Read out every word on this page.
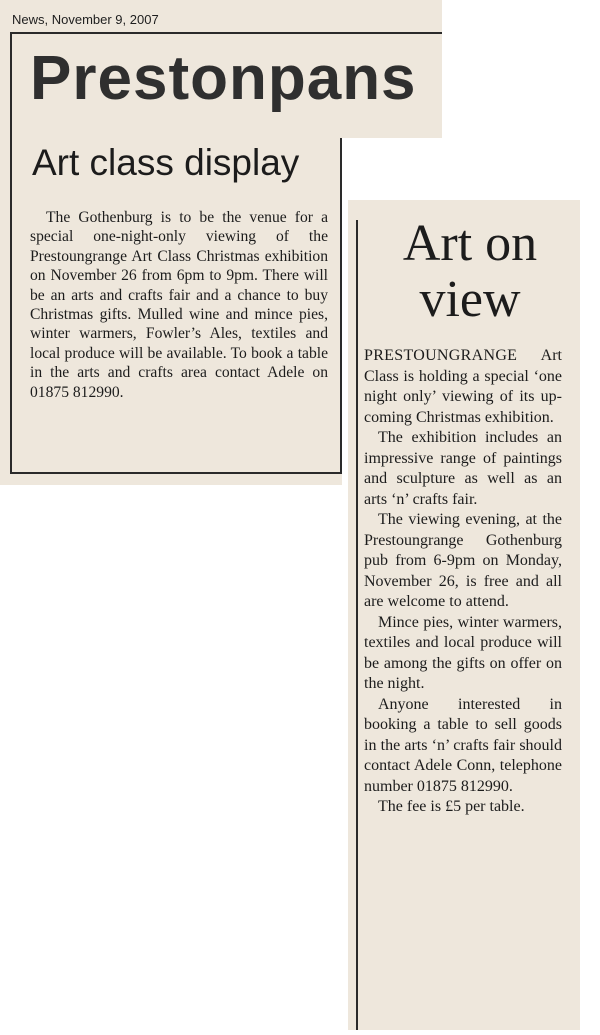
News, November 9, 2007
Prestonpans
Art class display

The Gothenburg is to be the venue for a special one-night-only viewing of the Prestoungrange Art Class Christmas exhibition on November 26 from 6pm to 9pm. There will be an arts and crafts fair and a chance to buy Christmas gifts. Mulled wine and mince pies, winter warmers, Fowler’s Ales, textiles and local produce will be available. To book a table in the arts and crafts area contact Adele on 01875 812990.

Art on view

PRESTOUNGRANGE Art Class is holding a special ‘one night only’ viewing of its up-coming Christmas exhibition.

The exhibition includes an impressive range of paintings and sculpture as well as an arts ‘n’ crafts fair.

The viewing evening, at the Prestoungrange Gothenburg pub from 6-9pm on Monday, November 26, is free and all are welcome to attend.

Mince pies, winter warmers, textiles and local produce will be among the gifts on offer on the night.

Anyone interested in booking a table to sell goods in the arts ‘n’ crafts fair should contact Adele Conn, telephone number 01875 812990.

The fee is £5 per table.
